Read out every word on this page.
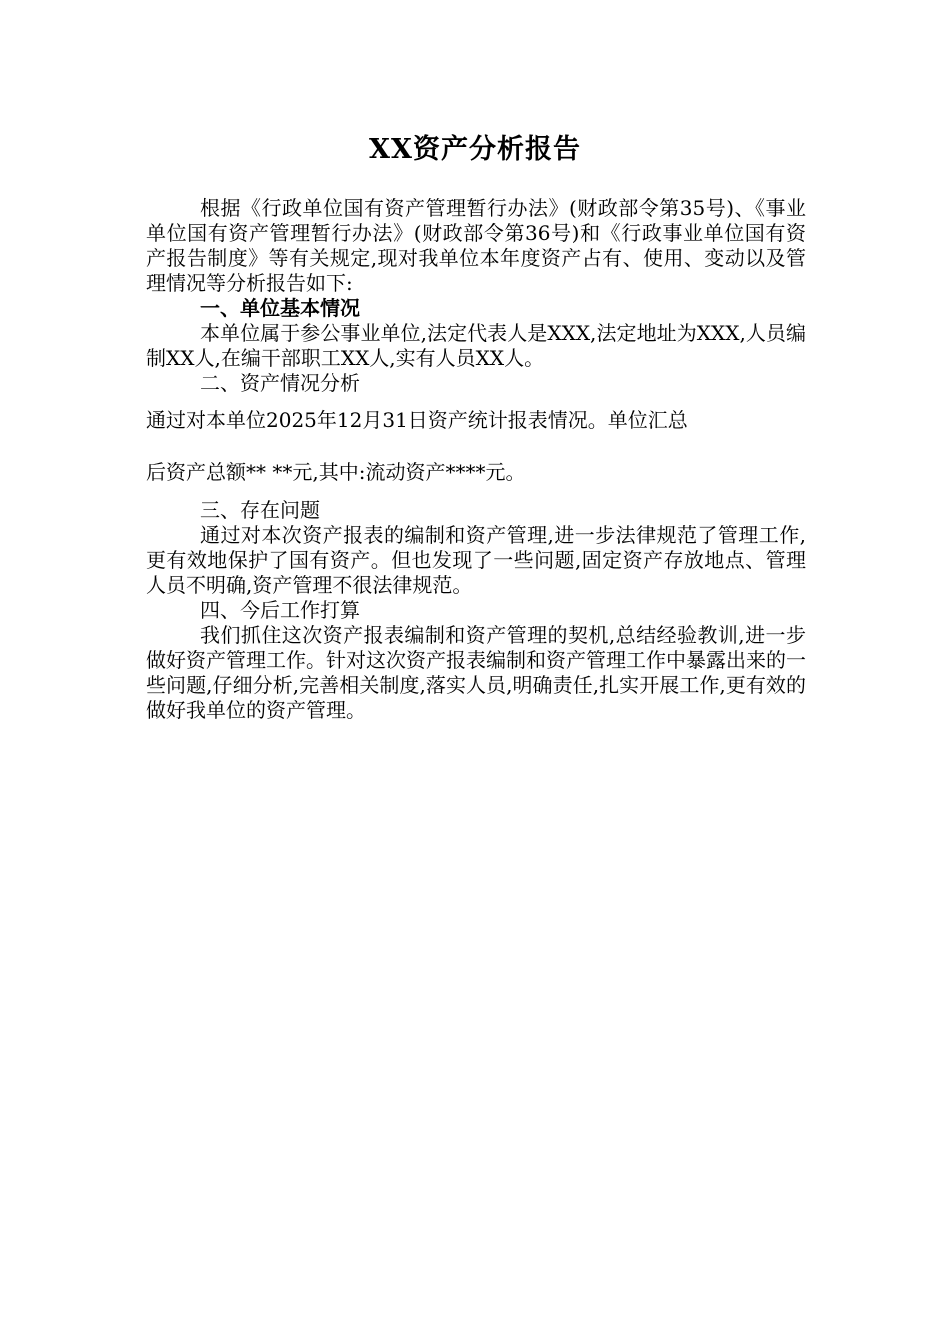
XX资产分析报告

根据《行政单位国有资产管理暂行办法》(财政部令第35号)、《事业单位国有资产管理暂行办法》(财政部令第36号)和《行政事业单位国有资产报告制度》等有关规定,现对我单位本年度资产占有、使用、变动以及管理情况等分析报告如下:

一、单位基本情况

本单位属于参公事业单位,法定代表人是XXX,法定地址为XXX,人员编制XX人,在编干部职工XX人,实有人员XX人。

二、资产情况分析

通过对本单位2025年12月31日资产统计报表情况。单位汇总

后资产总额** **元,其中:流动资产****元。

三、存在问题

通过对本次资产报表的编制和资产管理,进一步法律规范了管理工作,更有效地保护了国有资产。但也发现了一些问题,固定资产存放地点、管理人员不明确,资产管理不很法律规范。

四、今后工作打算

我们抓住这次资产报表编制和资产管理的契机,总结经验教训,进一步做好资产管理工作。针对这次资产报表编制和资产管理工作中暴露出来的一些问题,仔细分析,完善相关制度,落实人员,明确责任,扎实开展工作,更有效的做好我单位的资产管理。
